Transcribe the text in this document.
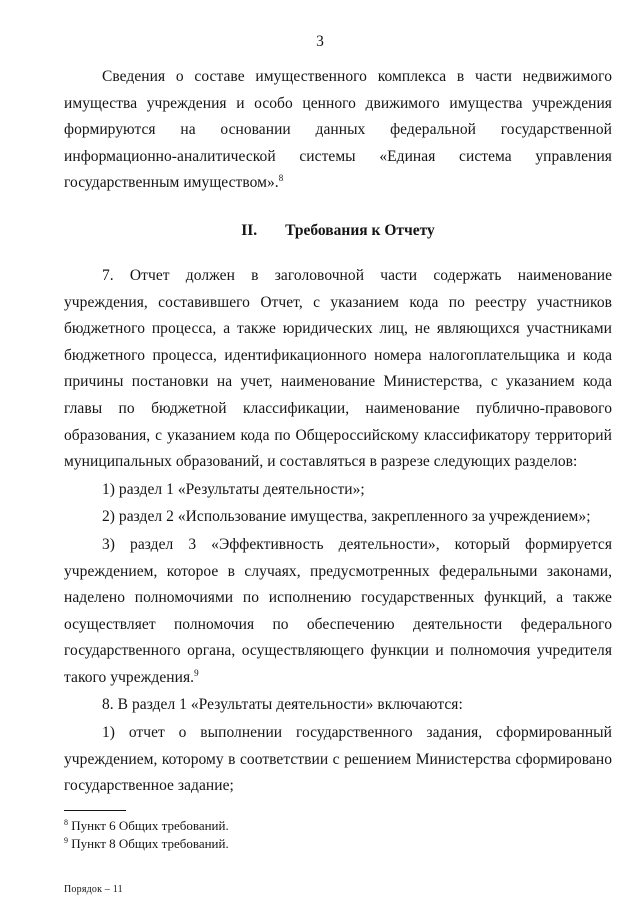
3

Сведения о составе имущественного комплекса в части недвижимого имущества учреждения и особо ценного движимого имущества учреждения формируются на основании данных федеральной государственной информационно-аналитической системы «Единая система управления государственным имуществом».$^8$

II. Требования к Отчету

7. Отчет должен в заголовочной части содержать наименование учреждения, составившего Отчет, с указанием кода по реестру участников бюджетного процесса, а также юридических лиц, не являющихся участниками бюджетного процесса, идентификационного номера налогоплательщика и кода причины постановки на учет, наименование Министерства, с указанием кода главы по бюджетной классификации, наименование публично-правового образования, с указанием кода по Общероссийскому классификатору территорий муниципальных образований, и составляться в разрезе следующих разделов:

1) раздел 1 «Результаты деятельности»;

2) раздел 2 «Использование имущества, закрепленного за учреждением»;

3) раздел 3 «Эффективность деятельности», который формируется учреждением, которое в случаях, предусмотренных федеральными законами, наделено полномочиями по исполнению государственных функций, а также осуществляет полномочия по обеспечению деятельности федерального государственного органа, осуществляющего функции и полномочия учредителя такого учреждения.$^9$

8. В раздел 1 «Результаты деятельности» включаются:

1) отчет о выполнении государственного задания, сформированный учреждением, которому в соответствии с решением Министерства сформировано государственное задание;

$^8$ Пункт 6 Общих требований.
$^9$ Пункт 8 Общих требований.
Порядок – 11
